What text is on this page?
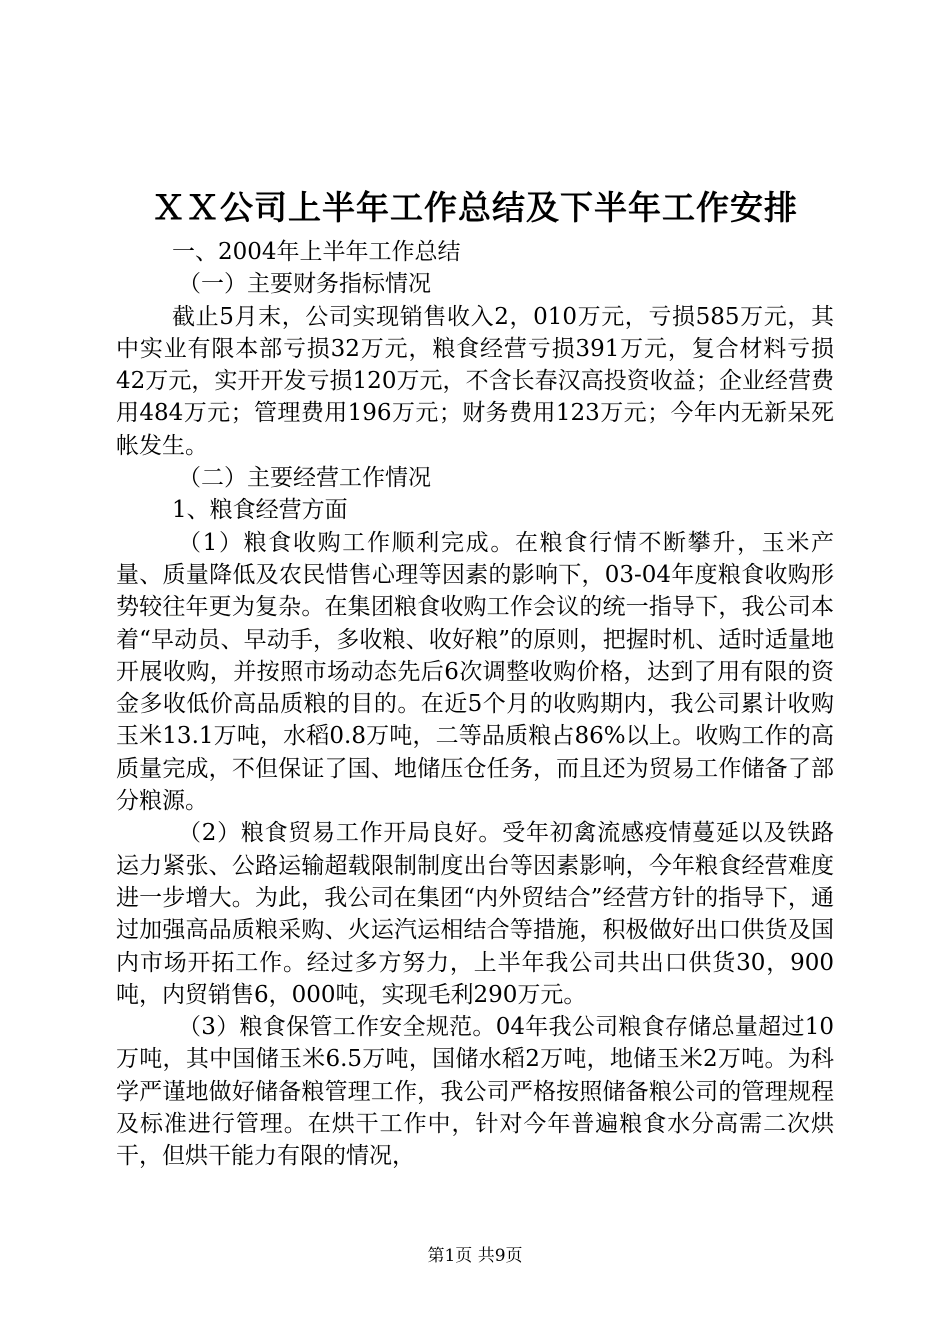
ＸＸ公司上半年工作总结及下半年工作安排

一、2004年上半年工作总结

（一）主要财务指标情况

截止5月末，公司实现销售收入2，010万元，亏损585万元，其中实业有限本部亏损32万元，粮食经营亏损391万元，复合材料亏损42万元，实开开发亏损120万元，不含长春汉高投资收益；企业经营费用484万元；管理费用196万元；财务费用123万元；今年内无新呆死帐发生。

（二）主要经营工作情况

1、粮食经营方面

（1）粮食收购工作顺利完成。在粮食行情不断攀升，玉米产量、质量降低及农民惜售心理等因素的影响下，03-04年度粮食收购形势较往年更为复杂。在集团粮食收购工作会议的统一指导下，我公司本着“早动员、早动手，多收粮、收好粮”的原则，把握时机、适时适量地开展收购，并按照市场动态先后6次调整收购价格，达到了用有限的资金多收低价高品质粮的目的。在近5个月的收购期内，我公司累计收购玉米13.1万吨，水稻0.8万吨，二等品质粮占86%以上。收购工作的高质量完成，不但保证了国、地储压仓任务，而且还为贸易工作储备了部分粮源。

（2）粮食贸易工作开局良好。受年初禽流感疫情蔓延以及铁路运力紧张、公路运输超载限制制度出台等因素影响，今年粮食经营难度进一步增大。为此，我公司在集团“内外贸结合”经营方针的指导下，通过加强高品质粮采购、火运汽运相结合等措施，积极做好出口供货及国内市场开拓工作。经过多方努力，上半年我公司共出口供货30，900吨，内贸销售6，000吨，实现毛利290万元。

（3）粮食保管工作安全规范。04年我公司粮食存储总量超过10万吨，其中国储玉米6.5万吨，国储水稻2万吨，地储玉米2万吨。为科学严谨地做好储备粮管理工作，我公司严格按照储备粮公司的管理规程及标准进行管理。在烘干工作中，针对今年普遍粮食水分高需二次烘干，但烘干能力有限的情况，

第1页 共9页
